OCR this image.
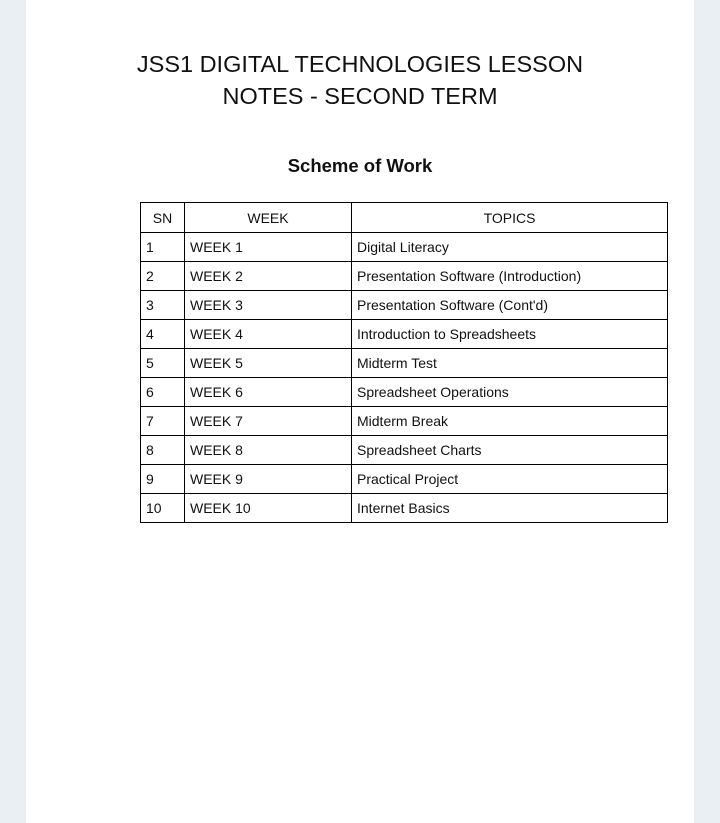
JSS1 DIGITAL TECHNOLOGIES LESSON
NOTES - SECOND TERM
Scheme of Work
SN	WEEK	TOPICS
1	WEEK 1	Digital Literacy
2	WEEK 2	Presentation Software (Introduction)
3	WEEK 3	Presentation Software (Cont'd)
4	WEEK 4	Introduction to Spreadsheets
5	WEEK 5	Midterm Test
6	WEEK 6	Spreadsheet Operations
7	WEEK 7	Midterm Break
8	WEEK 8	Spreadsheet Charts
9	WEEK 9	Practical Project
10	WEEK 10	Internet Basics
